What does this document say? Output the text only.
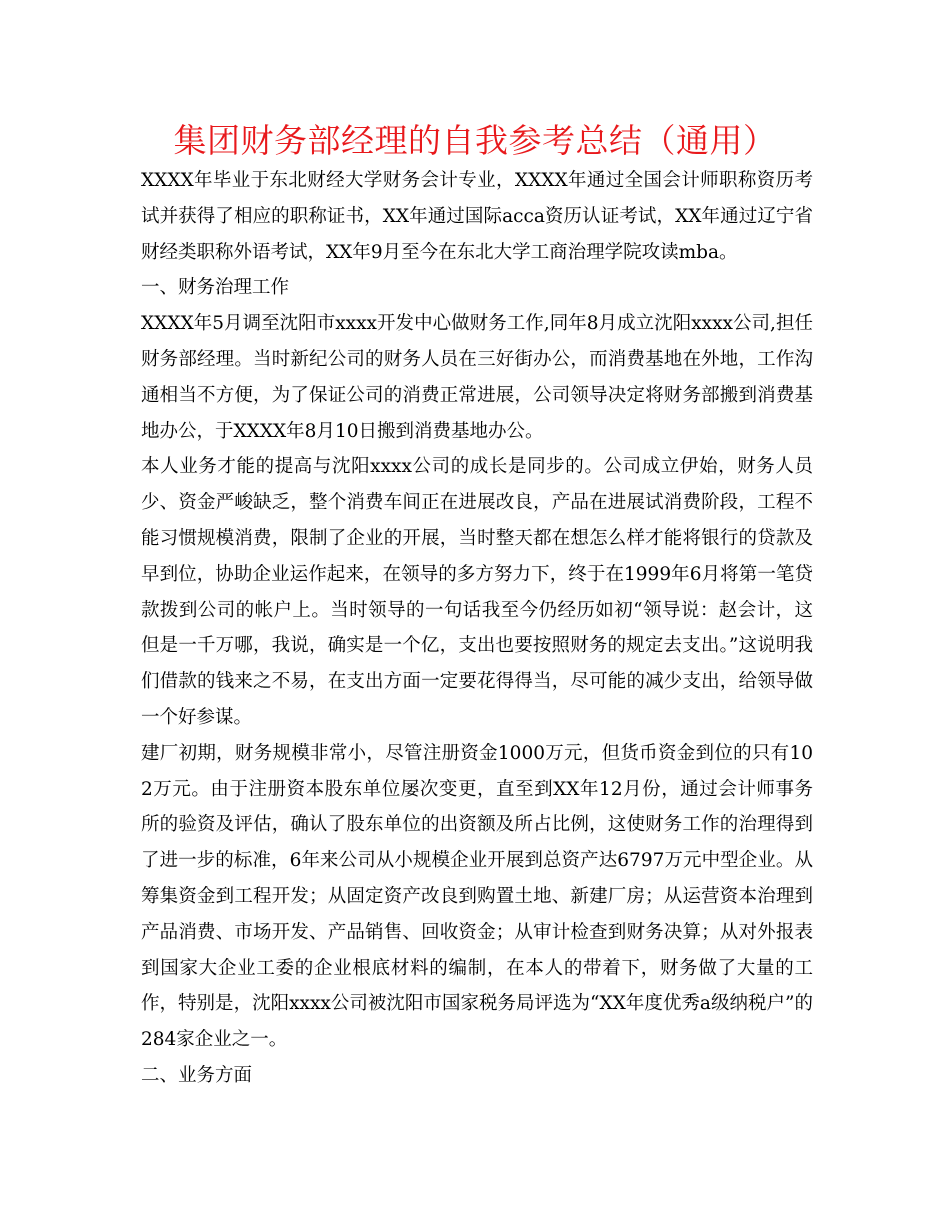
集团财务部经理的自我参考总结（通用）

XXXX年毕业于东北财经大学财务会计专业，XXXX年通过全国会计师职称资历考试并获得了相应的职称证书，XX年通过国际acca资历认证考试，XX年通过辽宁省财经类职称外语考试，XX年9月至今在东北大学工商治理学院攻读mba。

一、财务治理工作

XXXX年5月调至沈阳市xxxx开发中心做财务工作,同年8月成立沈阳xxxx公司,担任财务部经理。当时新纪公司的财务人员在三好街办公，而消费基地在外地，工作沟通相当不方便，为了保证公司的消费正常进展，公司领导决定将财务部搬到消费基地办公，于XXXX年8月10日搬到消费基地办公。

本人业务才能的提高与沈阳xxxx公司的成长是同步的。公司成立伊始，财务人员少、资金严峻缺乏，整个消费车间正在进展改良，产品在进展试消费阶段，工程不能习惯规模消费，限制了企业的开展，当时整天都在想怎么样才能将银行的贷款及早到位，协助企业运作起来，在领导的多方努力下，终于在1999年6月将第一笔贷款拨到公司的帐户上。当时领导的一句话我至今仍经历如初“领导说：赵会计，这但是一千万哪，我说，确实是一个亿，支出也要按照财务的规定去支出。”这说明我们借款的钱来之不易，在支出方面一定要花得得当，尽可能的减少支出，给领导做一个好参谋。

建厂初期，财务规模非常小，尽管注册资金1000万元，但货币资金到位的只有102万元。由于注册资本股东单位屡次变更，直至到XX年12月份，通过会计师事务所的验资及评估，确认了股东单位的出资额及所占比例，这使财务工作的治理得到了进一步的标准，6年来公司从小规模企业开展到总资产达6797万元中型企业。从筹集资金到工程开发；从固定资产改良到购置土地、新建厂房；从运营资本治理到产品消费、市场开发、产品销售、回收资金；从审计检查到财务决算；从对外报表到国家大企业工委的企业根底材料的编制，在本人的带着下，财务做了大量的工作，特别是，沈阳xxxx公司被沈阳市国家税务局评选为“XX年度优秀a级纳税户”的284家企业之一。

二、业务方面
